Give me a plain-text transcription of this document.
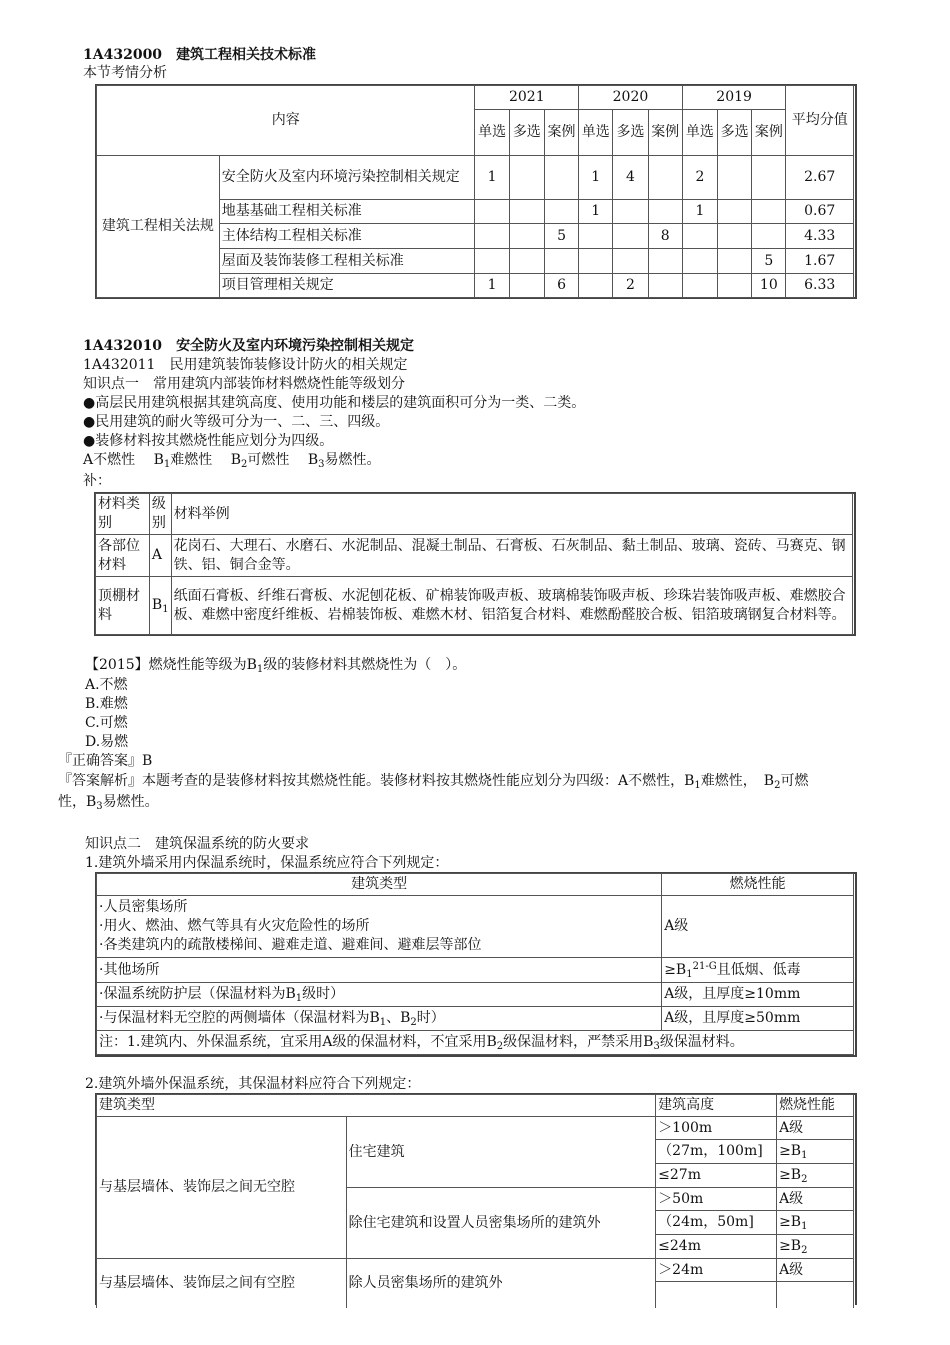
1A432000　 建筑工程相关技术标准
本节考情分析
内容		2021			2020			2019			平均分值
		单选	多选	案例	单选	多选	案例	单选	多选	案例	
建筑工程相关法规	安全防火及室内环境污染控制相关规定	1			1	4		2			2.67
	地基基础工程相关标准				1			1			0.67
	主体结构工程相关标准			5			8				4.33
	屋面及装饰装修工程相关标准									5	1.67
	项目管理相关规定	1		6		2				10	6.33
1A432010　 安全防火及室内环境污染控制相关规定
1A432011　民用建筑装饰装修设计防火的相关规定
知识点一　常用建筑内部装饰材料燃烧性能等级划分
●高层民用建筑根据其建筑高度、使用功能和楼层的建筑面积可分为一类、二类。
●民用建筑的耐火等级可分为一、二、三、四级。
●装修材料按其燃烧性能应划分为四级。
A不燃性　 $B_1$难燃性　 $B_2$可燃性　 $B_3$易燃性。
补：
材料类别	级别	材料举例
各部位材料	A	花岗石、大理石、水磨石、水泥制品、混凝土制品、石膏板、石灰制品、黏土制品、玻璃、瓷砖、马赛克、钢铁、铝、铜合金等。
顶棚材料	$B_1$	纸面石膏板、纤维石膏板、水泥刨花板、矿棉装饰吸声板、玻璃棉装饰吸声板、珍珠岩装饰吸声板、难燃胶合板、难燃中密度纤维板、岩棉装饰板、难燃木材、铝箔复合材料、难燃酚醛胶合板、铝箔玻璃钢复合材料等。
【2015】燃烧性能等级为$B_1$级的装修材料其燃烧性为（　）。
A.不燃
B.难燃
C.可燃
D.易燃
『正确答案』B
『答案解析』本题考查的是装修材料按其燃烧性能。装修材料按其燃烧性能应划分为四级：A不燃性，$B_1$难燃性，　$B_2$可燃
性，$B_3$易燃性。
知识点二　建筑保温系统的防火要求
1.建筑外墙采用内保温系统时，保温系统应符合下列规定：
建筑类型	燃烧性能

·人员密集场所
·用火、燃油、燃气等具有火灾危险性的场所
·各类建筑内的疏散楼梯间、避难走道、避难间、避难层等部位	A级
·其他场所	$\ge B_1^{21-G}$且低烟、低毒
·保温系统防护层（保温材料为$B_1$级时）	A级，且厚度≥10mm
·与保温材料无空腔的两侧墙体（保温材料为$B_1$、$B_2$时）	A级，且厚度≥50mm
注：1.建筑内、外保温系统，宜采用A级的保温材料，不宜采用$B_2$级保温材料，严禁采用$B_3$级保温材料。	
2.建筑外墙外保温系统，其保温材料应符合下列规定：
建筑类型		建筑高度	燃烧性能
与基层墙体、装饰层之间无空腔	住宅建筑	＞100m	A级
		（27m，100m]	$\ge B_1$
		≤27m	$\ge B_2$
	除住宅建筑和设置人员密集场所的建筑外	＞50m	A级
		（24m，50m]	$\ge B_1$
		≤24m	$\ge B_2$
与基层墙体、装饰层之间有空腔	除人员密集场所的建筑外	＞24m	A级
